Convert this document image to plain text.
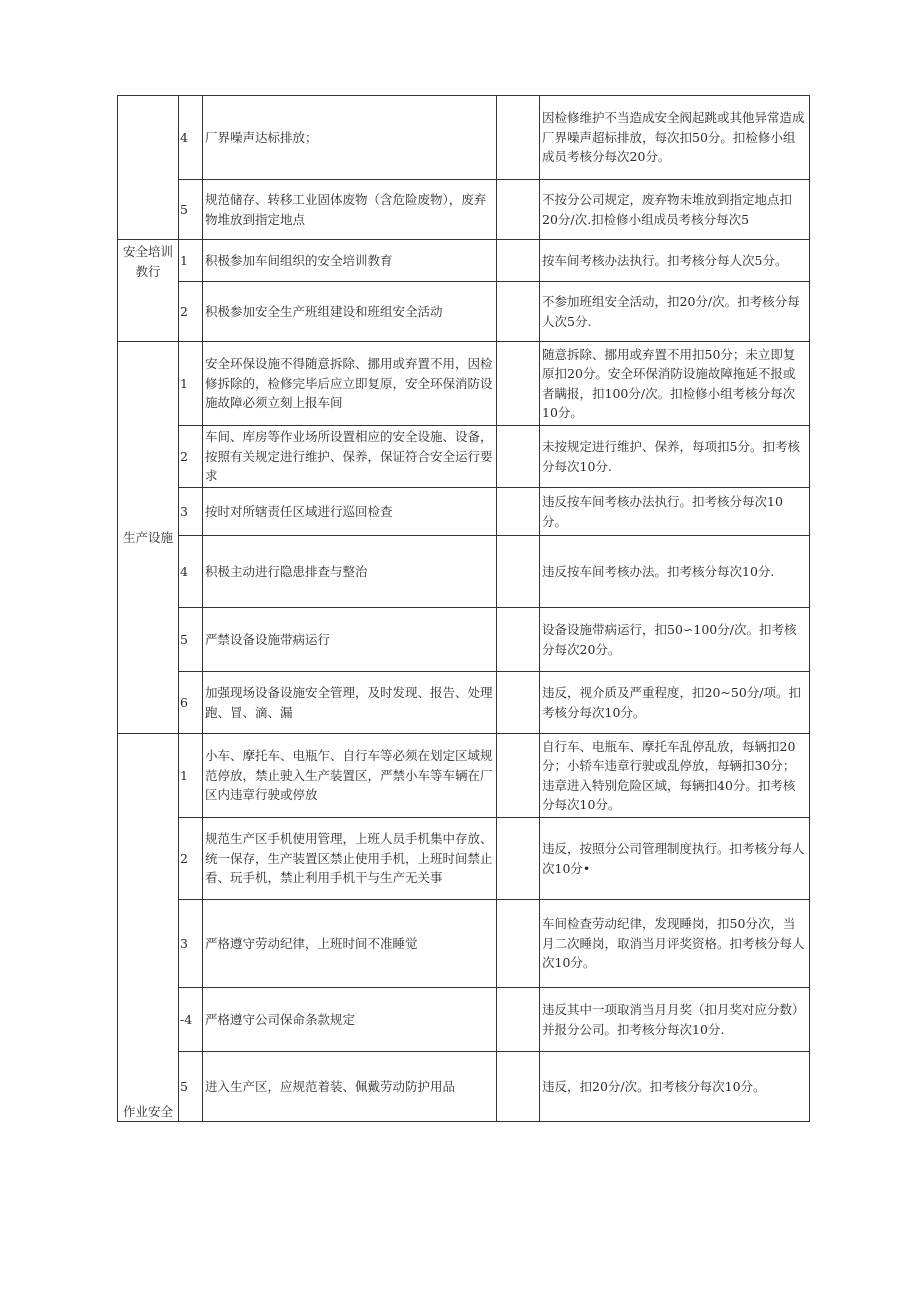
	4	厂界噪声达标排放；		因检修维护不当造成安全阀起跳或其他异常造成厂界噪声超标排放，每次扣50分。扣检修小组成员考核分每次20分。
	5	规范储存、转移工业固体废物（含危险废物），废弃物堆放到指定地点		不按分公司规定，废弃物未堆放到指定地点扣20分/次.扣检修小组成员考核分每次5
安全培训教行	1	积极参加车间组织的安全培训教育		按车间考核办法执行。扣考核分每人次5分。
	2	积极参加安全生产班组建设和班组安全活动		不参加班组安全活动，扣20分/次。扣考核分每人次5分.
生产设施	1	安全环保设施不得随意拆除、挪用或弃置不用，因检修拆除的，检修完毕后应立即复原，安全环保消防设施故障必须立刻上报车间		随意拆除、挪用或弃置不用扣50分；未立即复原扣20分。安全环保消防设施故障拖延不报或者瞒报，扣100分/次。扣检修小组考核分每次10分。
	2	车间、库房等作业场所设置相应的安全设施、设备，按照有关规定进行维护、保养，保证符合安全运行要求		未按规定进行维护、保养，每项扣5分。扣考核分每次10分.
	3	按时对所辖责任区域进行巡回检查		违反按车间考核办法执行。扣考核分每次10分。
	4	积极主动进行隐患排查与整治		违反按车间考核办法。扣考核分每次10分.
	5	严禁设备设施带病运行		设备设施带病运行，扣50∽100分/次。扣考核分每次20分。
	6	加强现场设备设施安全管理，及时发现、报告、处理跑、冒、滴、漏		违反，视介质及严重程度，扣20~50分/项。扣考核分每次10分。
作业安全	1	小车、摩托车、电瓶乍、自行车等必须在划定区域规范停放，禁止驶入生产装置区，严禁小车等车辆在厂区内违章行驶或停放		自行车、电瓶车、摩托车乱停乱放，每辆扣20分；小轿车违章行驶或乱停放，每辆扣30分；违章进入特别危险区域，每辆扣40分。扣考核分每次10分。
	2	规范生产区手机使用管理，上班人员手机集中存放、统一保存，生产装置区禁止使用手机，上班时间禁止看、玩手机，禁止利用手机干与生产无关事		违反，按照分公司管理制度执行。扣考核分每人次10分•
	3	严格遵守劳动纪律，上班时间不准睡觉		车间检查劳动纪律，发现睡岗，扣50分次，当月二次睡岗，取消当月评奖资格。扣考核分每人次10分。
	-4	严格遵守公司保命条款规定		违反其中一项取消当月月奖（扣月奖对应分数）并报分公司。扣考核分每次10分.
	5	进入生产区，应规范着装、佩戴劳动防护用品		违反，扣20分/次。扣考核分每次10分。
